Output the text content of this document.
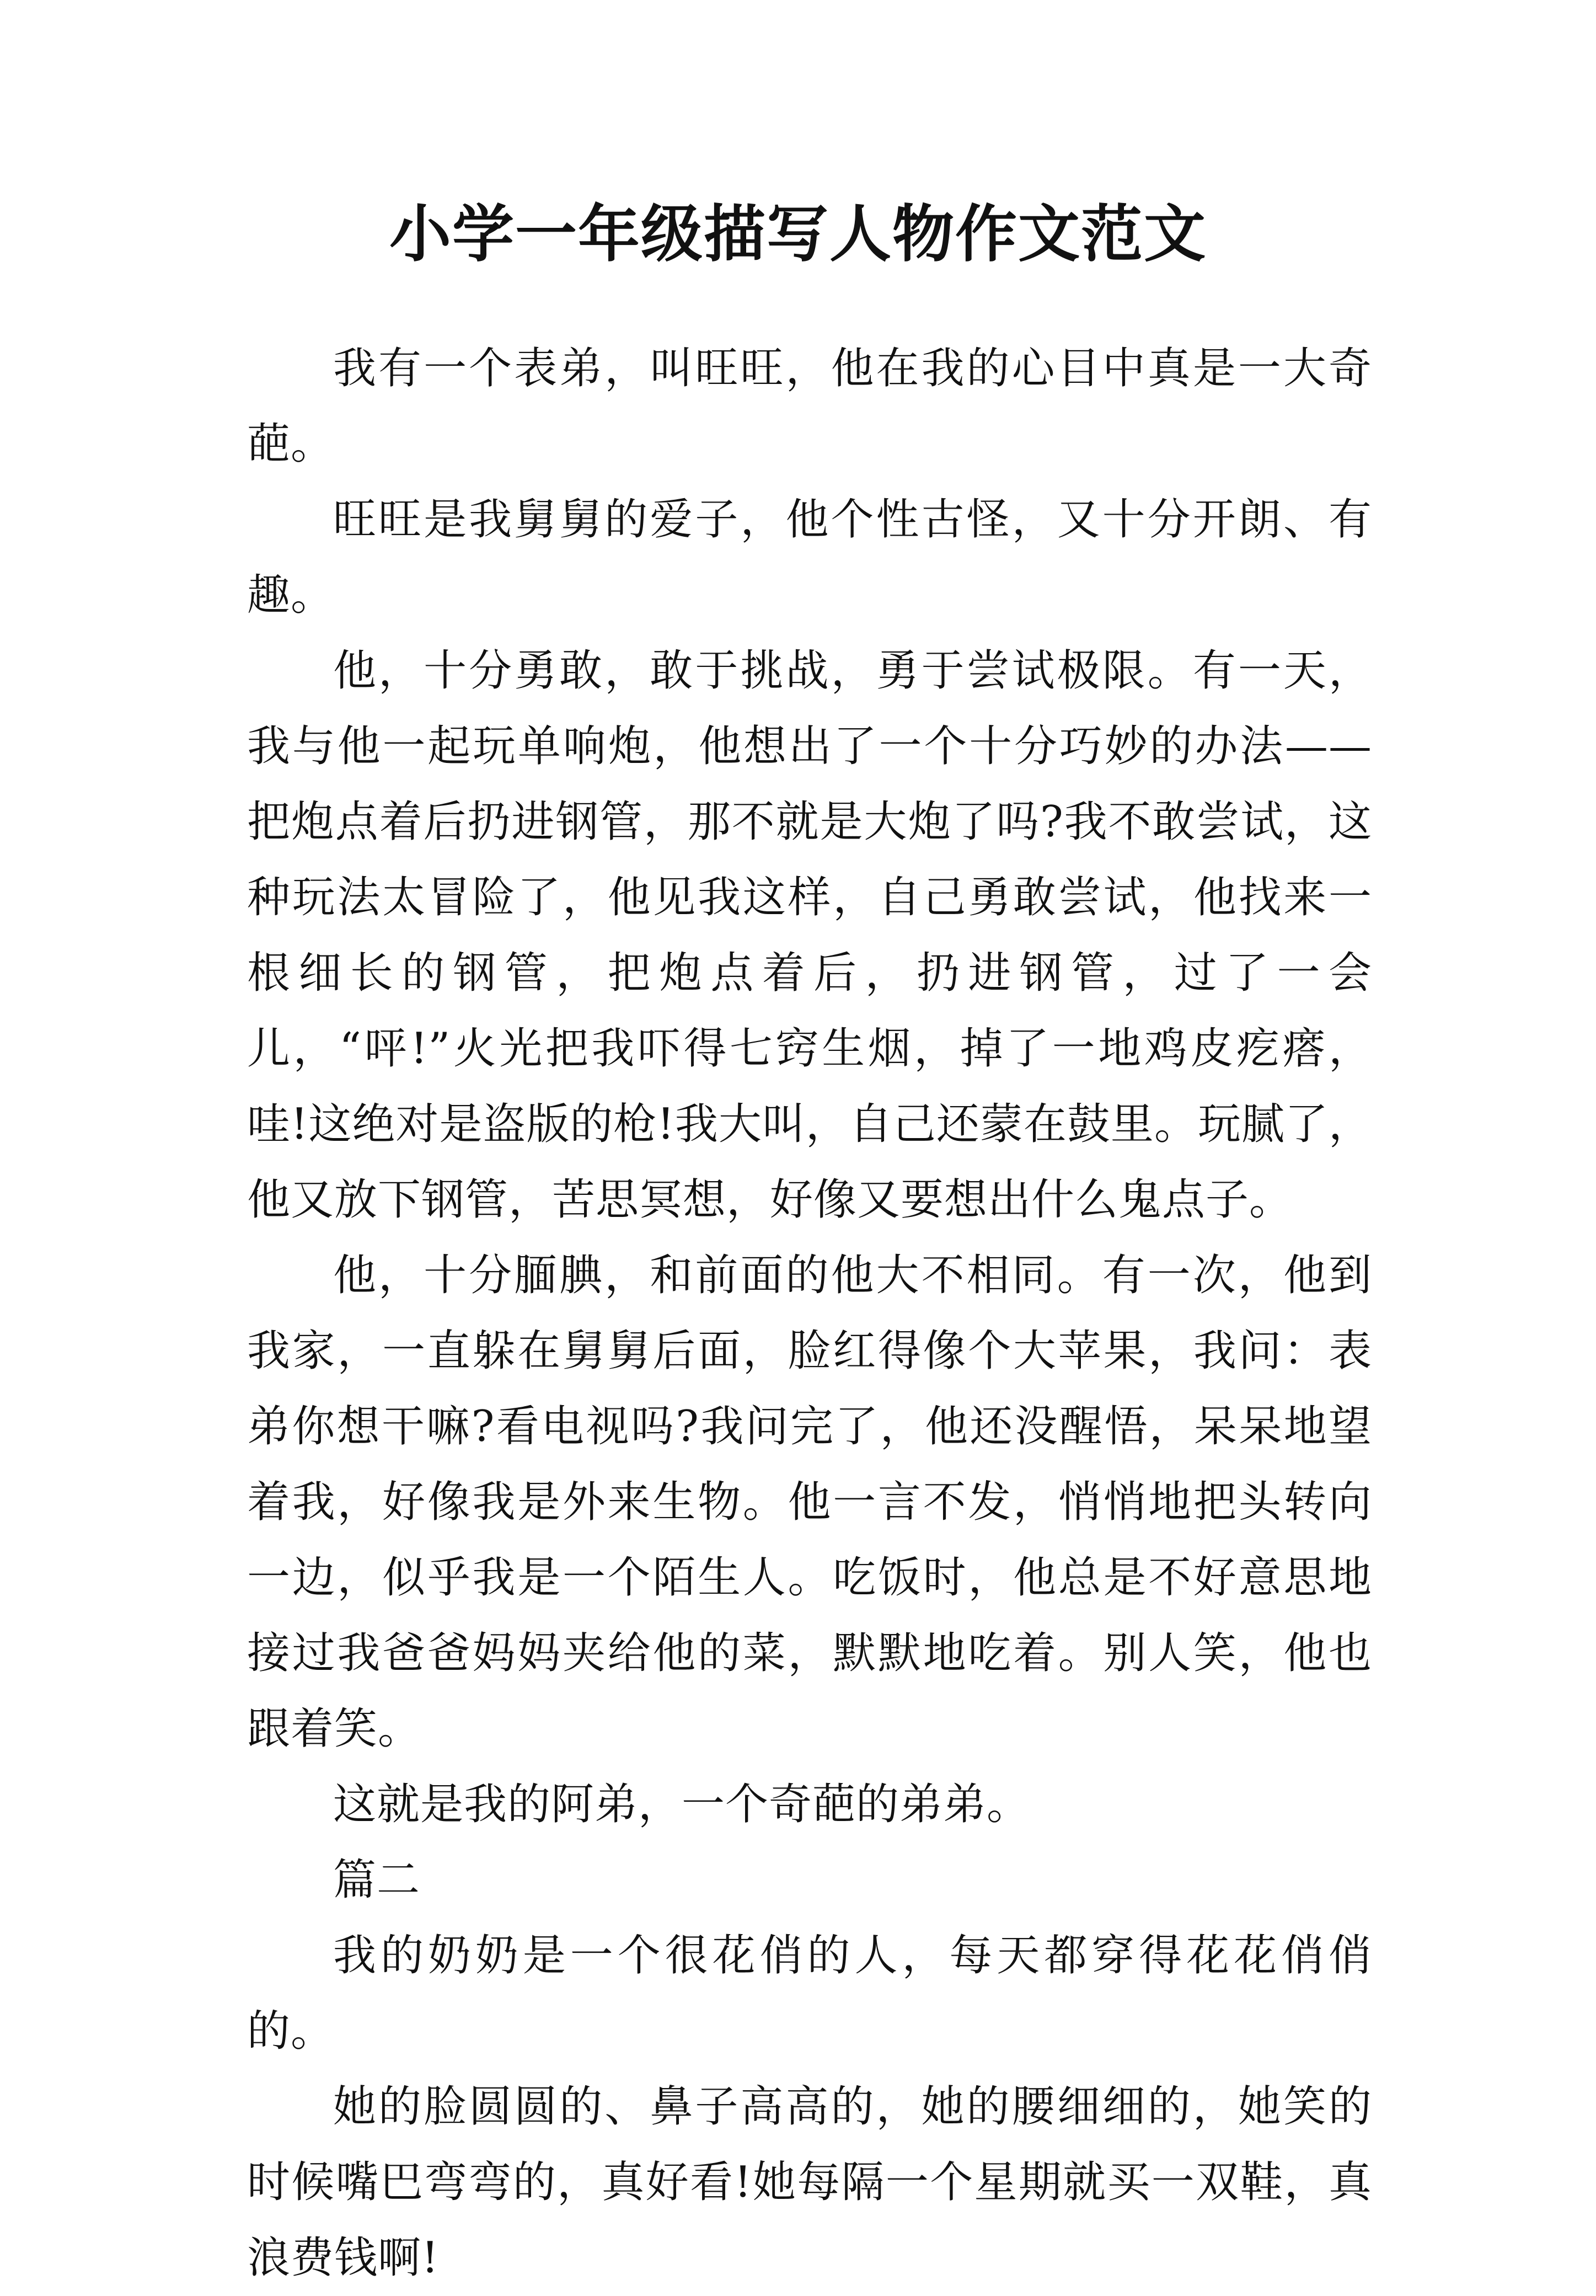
小学一年级描写人物作文范文

我有一个表弟，叫旺旺，他在我的心目中真是一大奇葩。

旺旺是我舅舅的爱子，他个性古怪，又十分开朗、有趣。

他，十分勇敢，敢于挑战，勇于尝试极限。有一天，我与他一起玩单响炮，他想出了一个十分巧妙的办法——把炮点着后扔进钢管，那不就是大炮了吗?我不敢尝试，这种玩法太冒险了，他见我这样，自己勇敢尝试，他找来一根细长的钢管，把炮点着后，扔进钢管，过了一会儿，“呯!”火光把我吓得七窍生烟，掉了一地鸡皮疙瘩，哇!这绝对是盗版的枪!我大叫，自己还蒙在鼓里。玩腻了，他又放下钢管，苦思冥想，好像又要想出什么鬼点子。

他，十分腼腆，和前面的他大不相同。有一次，他到我家，一直躲在舅舅后面，脸红得像个大苹果，我问：表弟你想干嘛?看电视吗?我问完了，他还没醒悟，呆呆地望着我，好像我是外来生物。他一言不发，悄悄地把头转向一边，似乎我是一个陌生人。吃饭时，他总是不好意思地接过我爸爸妈妈夹给他的菜，默默地吃着。别人笑，他也跟着笑。

这就是我的阿弟，一个奇葩的弟弟。

篇二

我的奶奶是一个很花俏的人，每天都穿得花花俏俏的。

她的脸圆圆的、鼻子高高的，她的腰细细的，她笑的时候嘴巴弯弯的，真好看!她每隔一个星期就买一双鞋，真浪费钱啊!
